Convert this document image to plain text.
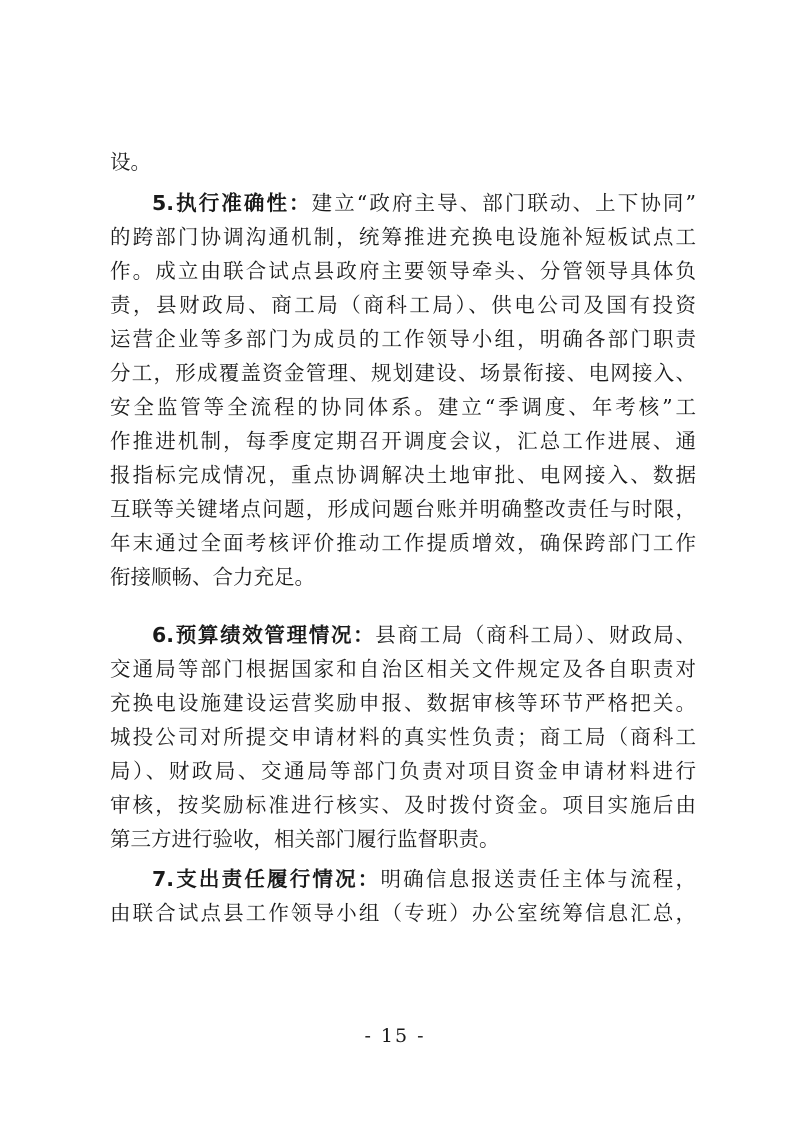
设。
5.执行准确性：建立“政府主导、部门联动、上下协同”
的跨部门协调沟通机制，统筹推进充换电设施补短板试点工
作。成立由联合试点县政府主要领导牵头、分管领导具体负
责，县财政局、商工局（商科工局）、供电公司及国有投资
运营企业等多部门为成员的工作领导小组，明确各部门职责
分工，形成覆盖资金管理、规划建设、场景衔接、电网接入、
安全监管等全流程的协同体系。建立“季调度、年考核”工
作推进机制，每季度定期召开调度会议，汇总工作进展、通
报指标完成情况，重点协调解决土地审批、电网接入、数据
互联等关键堵点问题，形成问题台账并明确整改责任与时限，
年末通过全面考核评价推动工作提质增效，确保跨部门工作
衔接顺畅、合力充足。
6.预算绩效管理情况：县商工局（商科工局）、财政局、
交通局等部门根据国家和自治区相关文件规定及各自职责对
充换电设施建设运营奖励申报、数据审核等环节严格把关。
城投公司对所提交申请材料的真实性负责；商工局（商科工
局）、财政局、交通局等部门负责对项目资金申请材料进行
审核，按奖励标准进行核实、及时拨付资金。项目实施后由
第三方进行验收，相关部门履行监督职责。
7.支出责任履行情况：明确信息报送责任主体与流程，
由联合试点县工作领导小组（专班）办公室统筹信息汇总，
- 15 -
